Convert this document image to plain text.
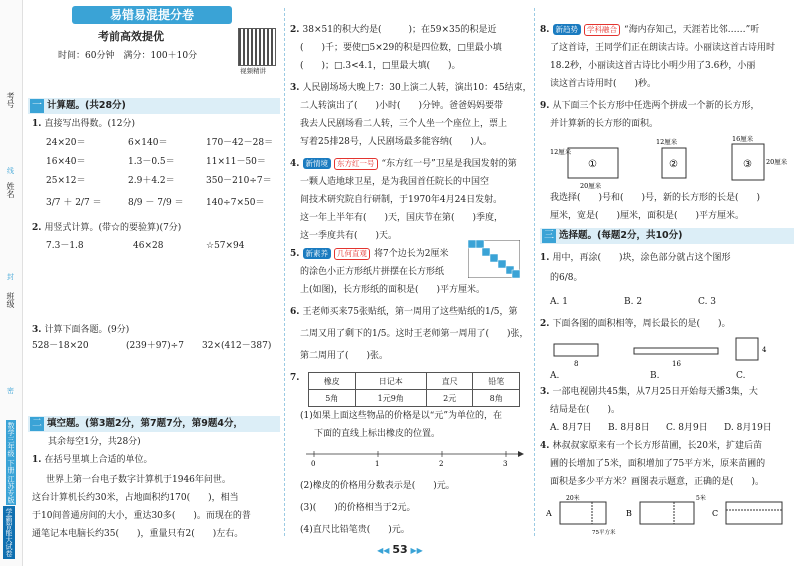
考号
姓名
班级
线
封
密
数学三年级 下册 江苏专版
学霸智能大试卷
易错易混提分卷
考前高效提优
时间：60分钟　满分：100＋10分
视频精讲
一 计算题。(共28分)
1. 直接写出得数。(12分)
24×20＝	6×140＝	170－42－28＝
16×40＝	1.3－0.5＝	11×11－50＝
25×12＝	2.9＋4.2＝	350－210÷7＝
3/7 ＋ 2/7 ＝	8/9 － 7/9 ＝ 140÷7×50＝
2. 用竖式计算。(带☆的要验算)(7分)
7.3－1.8	46×28	☆57×94
3. 计算下面各题。(9分)
528－18×20	(239＋97)÷7 32×(412－387)
二 填空题。(第3题2分，第7题7分，第9题4分，
其余每空1分，共28分)
1. 在括号里填上合适的单位。
世界上第一台电子数字计算机于1946年问世。
这台计算机长约30米，占地面积约170(　　)，相当
于10间普通房间的大小，重达30多(　　)。而现在的普
通笔记本电脑长约35(　　)，重量只有2(　　)左右。
2. 38×51的积大约是(　　　)；在59×35的积是近
(　　)千；要使□5×29的积是四位数，□里最小填
(　　)；□.3<4.1，□里最大填(　　)。
3. 人民剧场场大晚上7：30上演二人转，演出10：45结束，
二人转演出了(　　)小时(　　)分钟。爸爸妈妈要带
我去人民剧场看二人转，三个人坐一个座位上，票上
写着25排28号，人民剧场最多能容纳(　　)人。
4. 新情境 东方红一号 “东方红一号”卫星是我国发射的第
一颗人造地球卫星，是为我国首任院长的中国空
间技术研究院自行研制，于1970年4月24日发射。
这一年上半年有(　　)天，国庆节在第(　　)季度，
这一季度共有(　　)天。
5. 新素养 几何直观 将7个边长为2厘米
的涂色小正方形纸片拼摆在长方形纸
上(如图)，长方形纸的面积是(　　)平方厘米。
6. 王老师买来75张贴纸，第一周用了这些贴纸的1/5，第
二周又用了剩下的1/5。这时王老师第一周用了(　　)张，
第二周用了(　　)张。
7.	橡皮	日记本	直尺	铅笔
5角	1元9角	2元	8角
(1)如果上面这些物品的价格是以“元”为单位的，在
下面的直线上标出橡皮的位置。
0	1	2	3
(2)橡皮的价格用分数表示是(　　)元。
(3)(　　)的价格相当于2元。
(4)直尺比铅笔贵(　　)元。
8. 新趋势 学科融合 “海内存知己，天涯若比邻……”听
了这首诗，王同学们正在朗读古诗。小丽读这首古诗用时
18.2秒，小丽读这首古诗比小明少用了3.6秒，小丽
读这首古诗用时(　　)秒。
9. 从下面三个长方形中任选两个拼成一个新的长方形，
并计算新的长方形的面积。
①	②	③
12厘米
20厘米
12厘米	16厘米
20厘米
我选择(　　)号和(　　)号，新的长方形的长是(　　)
厘米，宽是(　　)厘米，面积是(　　)平方厘米。
三 选择题。(每题2分，共10分)
1. 用中，再涂(　　)块，涂色部分就占这个图形
的6/8。
A. 1	B. 2	C. 3
2. 下面各图的面积相等，周长最长的是(　　)。
8	16
4
A.	B.	C.
3. 一部电视剧共45集，从7月25日开始每天播3集，大
结局是在(　　)。
A. 8月7日 B. 8月8日 C. 8月9日 D. 8月19日
4. 林叔叔家原来有一个长方形苗圃，长20米，扩建后苗
圃的长增加了5米，面积增加了75平方米，原来苗圃的
面积是多少平方米？画图表示题意，正确的是(　　)。
A
20米
75平方米
B
5米
C
◀◀ 53 ▶▶
